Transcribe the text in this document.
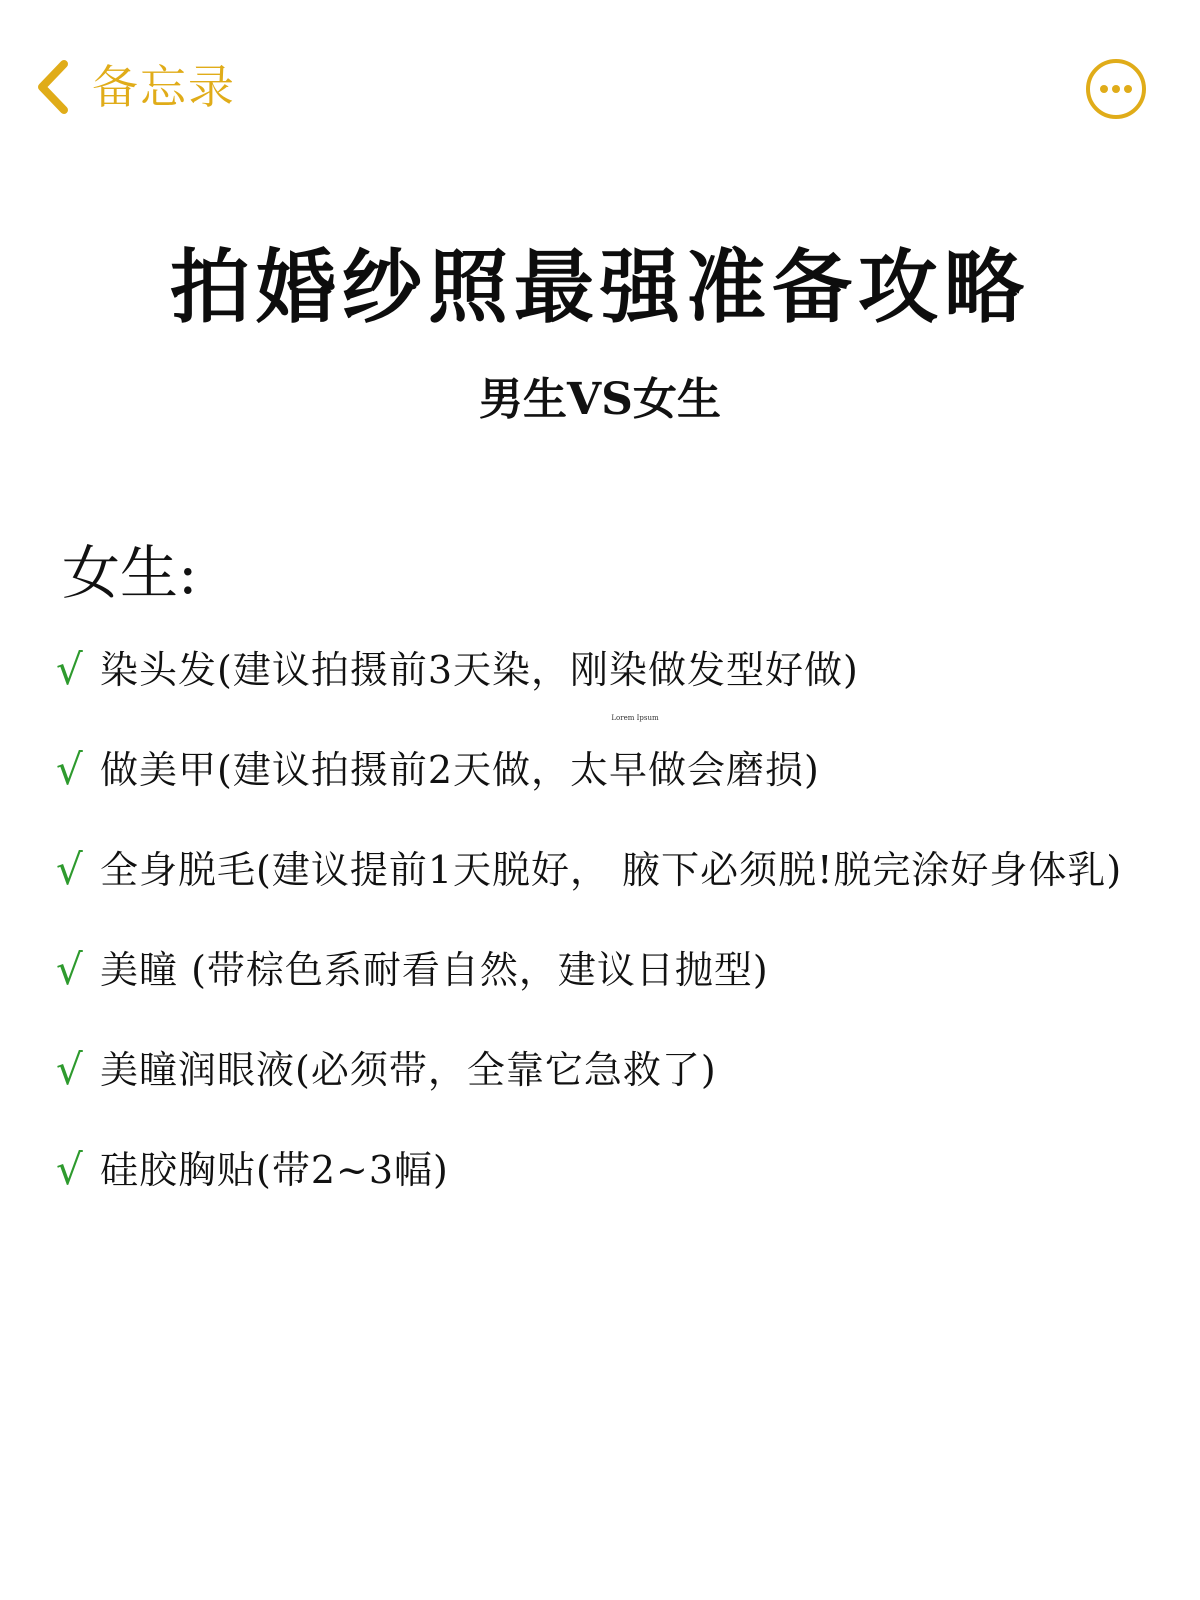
备忘录
拍婚纱照最强准备攻略
男生VS女生
女生:
Lorem Ipsum
√ 染头发(建议拍摄前3天染，刚染做发型好做)
√ 做美甲(建议拍摄前2天做，太早做会磨损)
√ 全身脱毛(建议提前1天脱好， 腋下必须脱!脱完涂好身体乳)
√ 美瞳 (带棕色系耐看自然，建议日抛型)
√ 美瞳润眼液(必须带，全靠它急救了)
√ 硅胶胸贴(带2~3幅)
